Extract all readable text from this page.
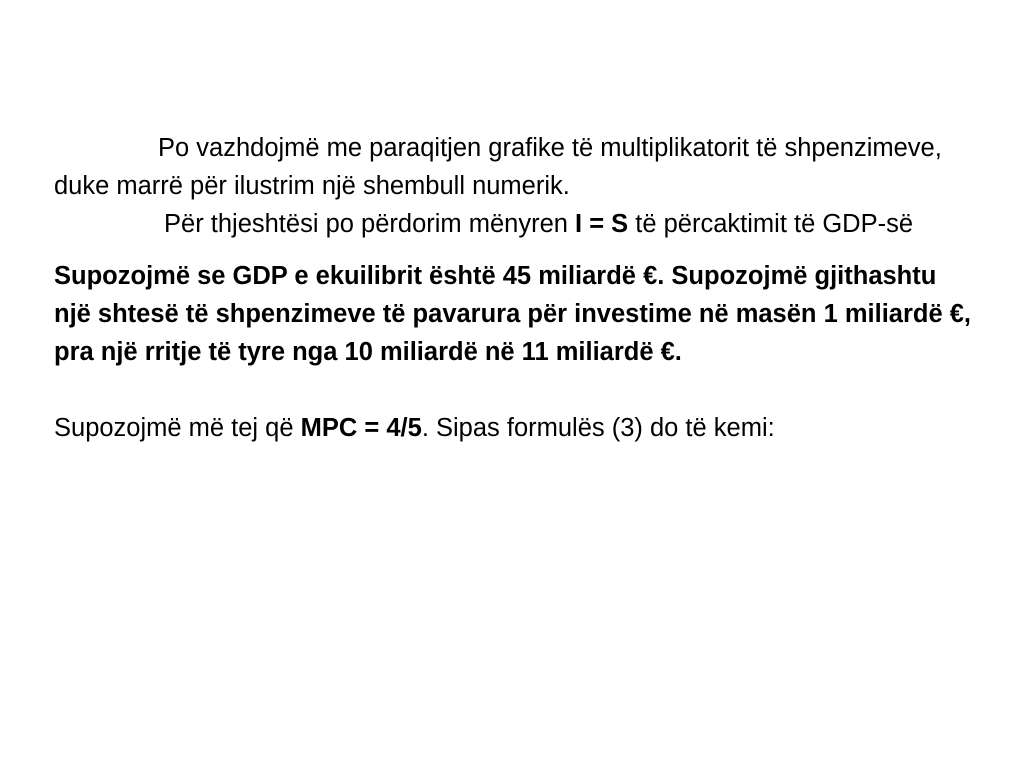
Po vazhdojmë me paraqitjen grafike të multiplikatorit të shpenzimeve, duke marrë për ilustrim një shembull numerik.

Për thjeshtësi po përdorim mënyren I = S të përcaktimit të GDP-së

Supozojmë se GDP e ekuilibrit është 45 miliardë €. Supozojmë gjithashtu një shtesë të shpenzimeve të pavarura për investime në masën 1 miliardë €, pra një rritje të tyre nga 10 miliardë në 11 miliardë €.

Supozojmë më tej që MPC = 4/5. Sipas formulës (3) do të kemi:
